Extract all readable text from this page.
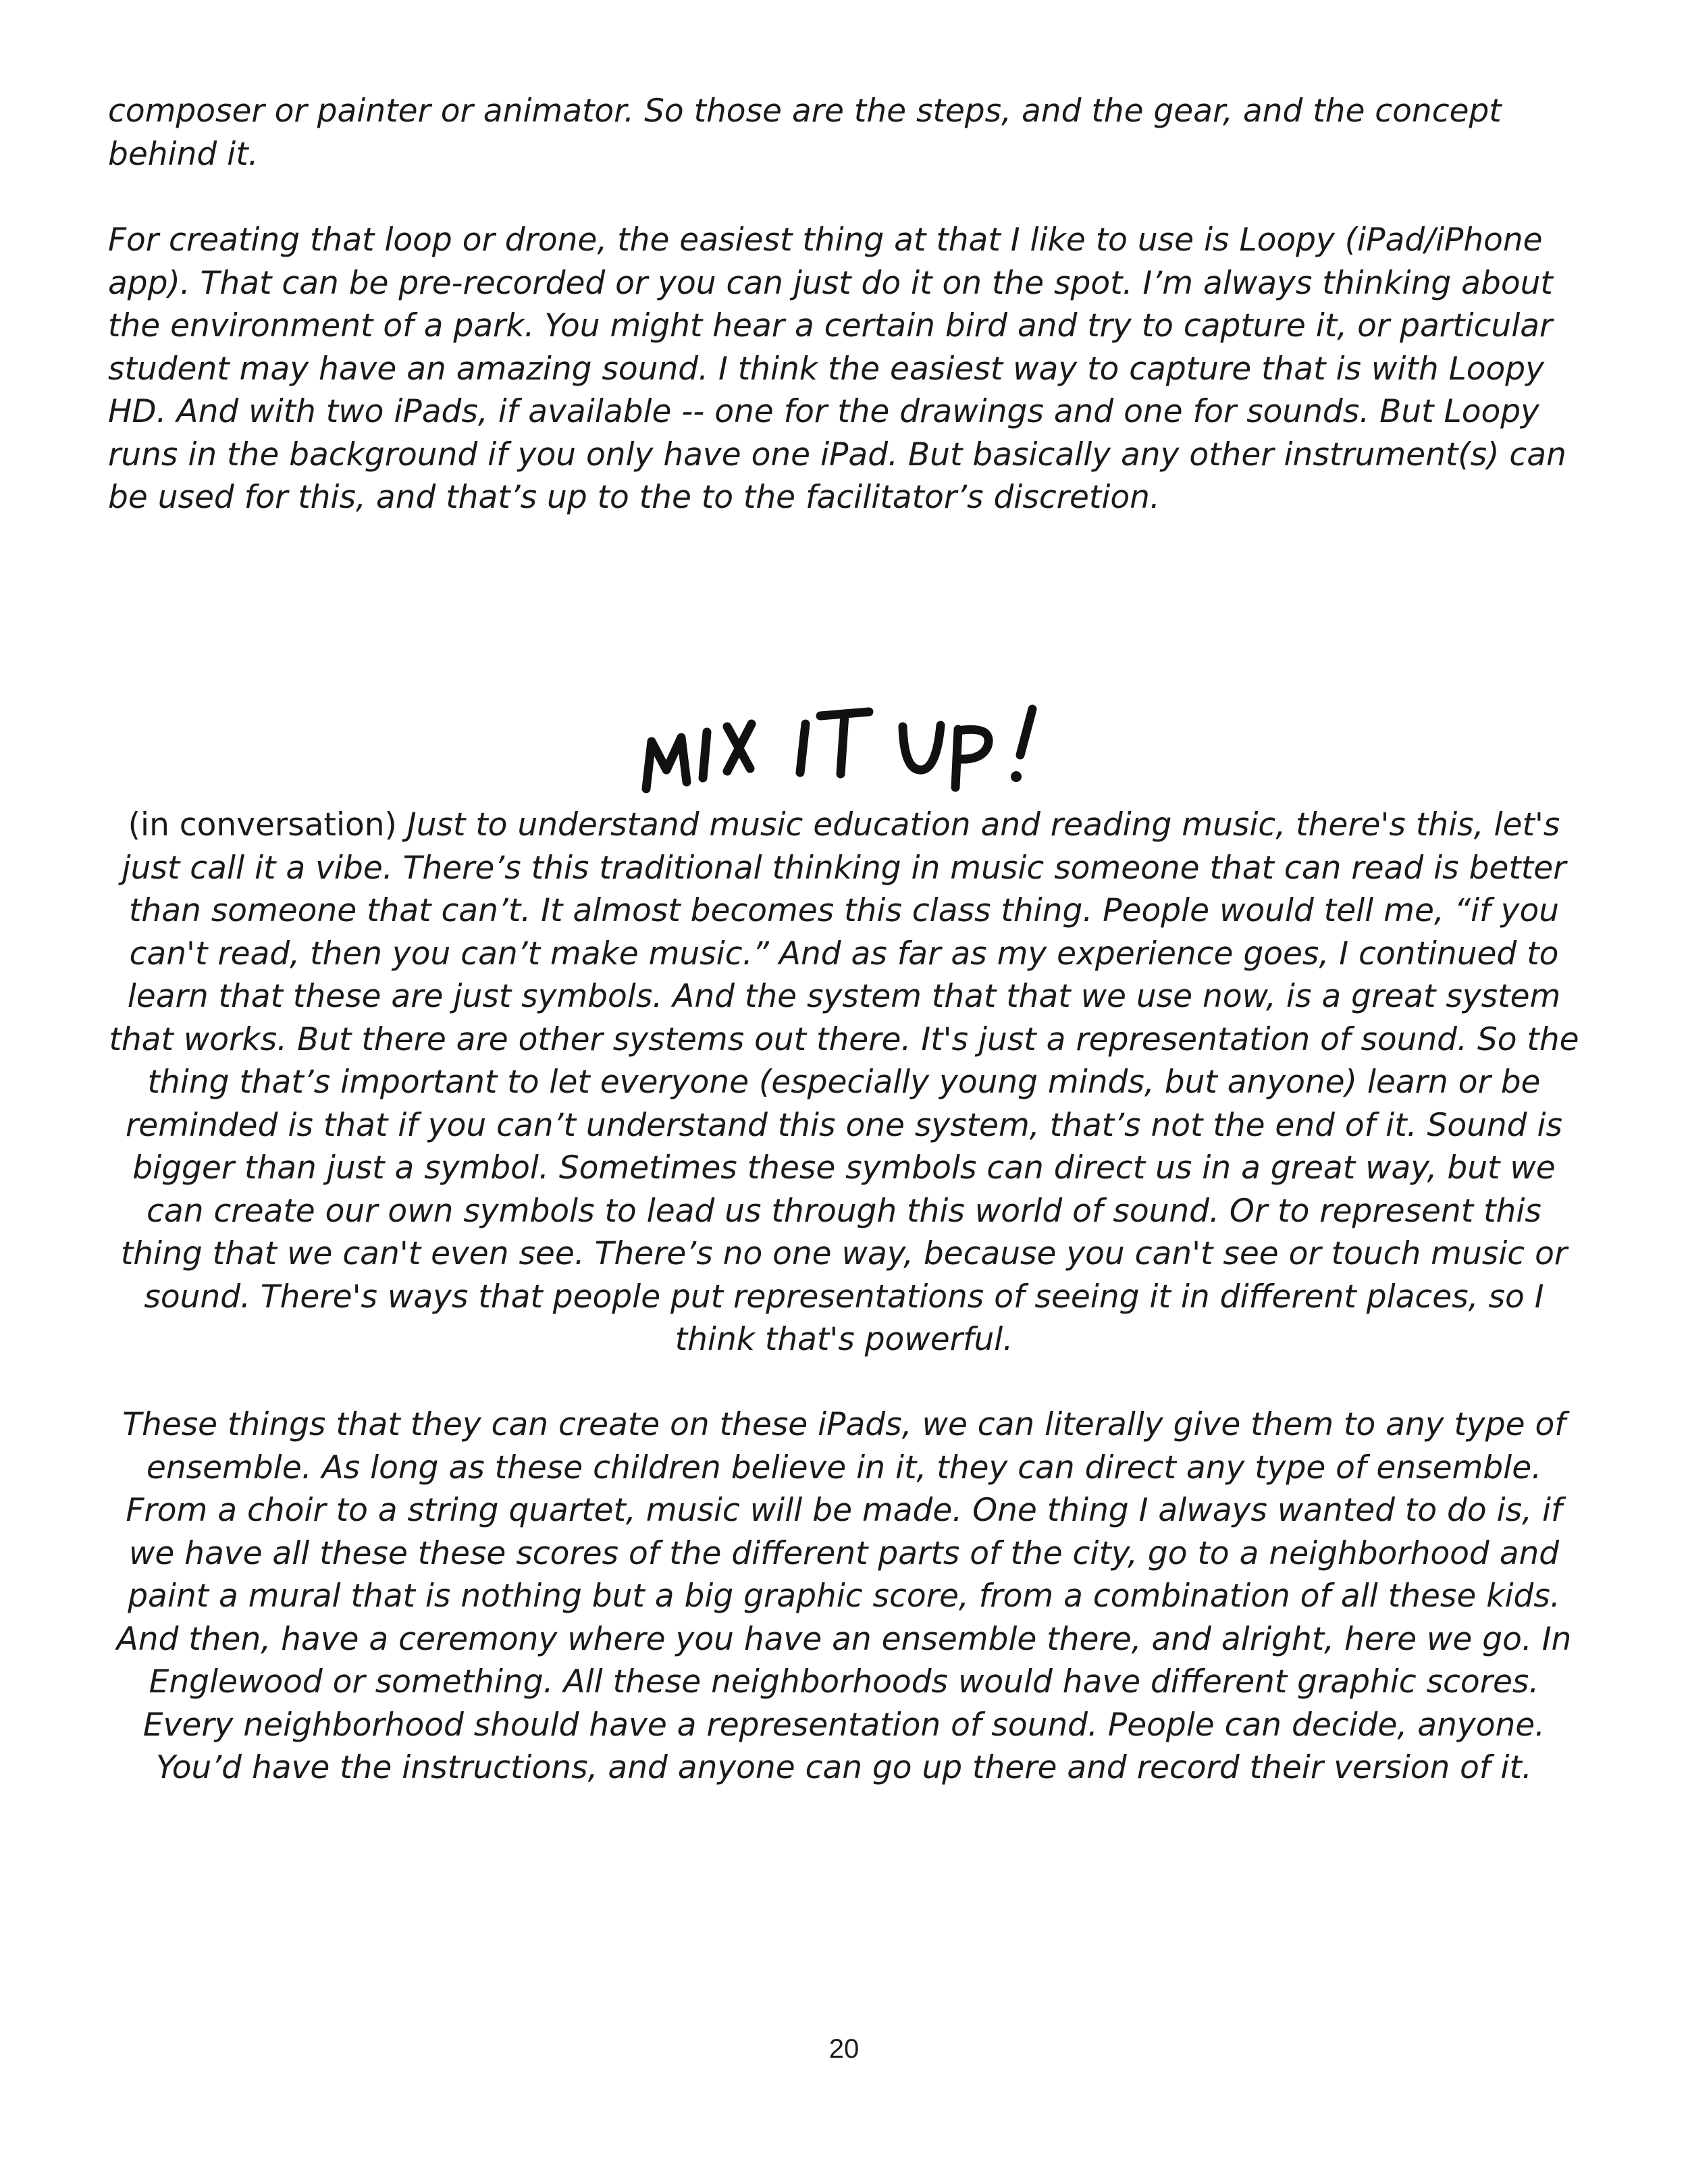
composer or painter or animator. So those are the steps, and the gear, and the concept behind it.

For creating that loop or drone, the easiest thing at that I like to use is Loopy (iPad/iPhone app). That can be pre-recorded or you can just do it on the spot. I’m always thinking about the environment of a park. You might hear a certain bird and try to capture it, or particular student may have an amazing sound. I think the easiest way to capture that is with Loopy HD. And with two iPads, if available -- one for the drawings and one for sounds. But Loopy runs in the background if you only have one iPad. But basically any other instrument(s) can be used for this, and that’s up to the to the facilitator’s discretion.

(in conversation) Just to understand music education and reading music, there's this, let's just call it a vibe. There’s this traditional thinking in music someone that can read is better than someone that can’t. It almost becomes this class thing. People would tell me, “if you can't read, then you can’t make music.” And as far as my experience goes, I continued to learn that these are just symbols. And the system that that we use now, is a great system that works. But there are other systems out there. It's just a representation of sound. So the thing that’s important to let everyone (especially young minds, but anyone) learn or be reminded is that if you can’t understand this one system, that’s not the end of it. Sound is bigger than just a symbol. Sometimes these symbols can direct us in a great way, but we can create our own symbols to lead us through this world of sound. Or to represent this thing that we can't even see. There’s no one way, because you can't see or touch music or sound. There's ways that people put representations of seeing it in different places, so I think that's powerful.

These things that they can create on these iPads, we can literally give them to any type of ensemble. As long as these children believe in it, they can direct any type of ensemble. From a choir to a string quartet, music will be made. One thing I always wanted to do is, if we have all these these scores of the different parts of the city, go to a neighborhood and paint a mural that is nothing but a big graphic score, from a combination of all these kids. And then, have a ceremony where you have an ensemble there, and alright, here we go. In Englewood or something. All these neighborhoods would have different graphic scores. Every neighborhood should have a representation of sound. People can decide, anyone. You’d have the instructions, and anyone can go up there and record their version of it.

20
